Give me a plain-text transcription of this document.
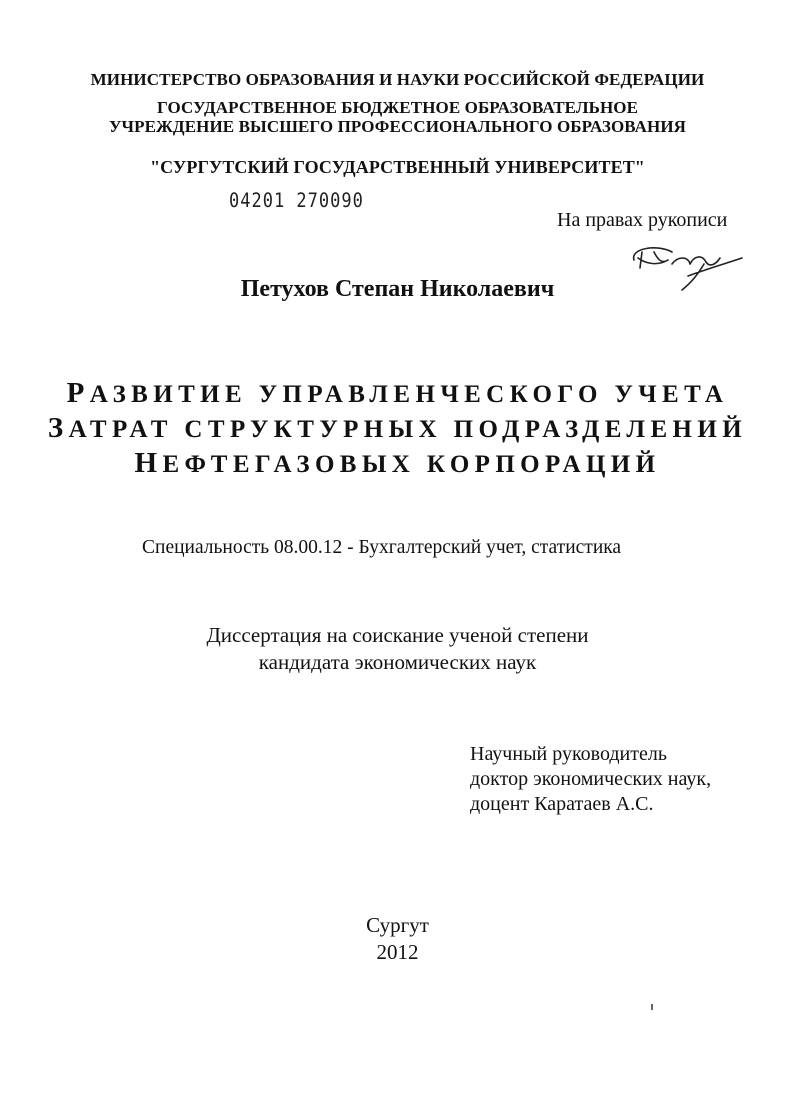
МИНИСТЕРСТВО ОБРАЗОВАНИЯ И НАУКИ РОССИЙСКОЙ ФЕДЕРАЦИИ
ГОСУДАРСТВЕННОЕ БЮДЖЕТНОЕ ОБРАЗОВАТЕЛЬНОЕ
УЧРЕЖДЕНИЕ ВЫСШЕГО ПРОФЕССИОНАЛЬНОГО ОБРАЗОВАНИЯ
"СУРГУТСКИЙ ГОСУДАРСТВЕННЫЙ УНИВЕРСИТЕТ"
04201 270090
На правах рукописи
Петухов Степан Николаевич
РАЗВИТИЕ УПРАВЛЕНЧЕСКОГО УЧЕТА
ЗАТРАТ СТРУКТУРНЫХ ПОДРАЗДЕЛЕНИЙ
НЕФТЕГАЗОВЫХ КОРПОРАЦИЙ
Специальность 08.00.12 - Бухгалтерский учет, статистика
Диссертация на соискание ученой степени
кандидата экономических наук
Научный руководитель
доктор экономических наук,
доцент Каратаев А.С.
Сургут
2012
